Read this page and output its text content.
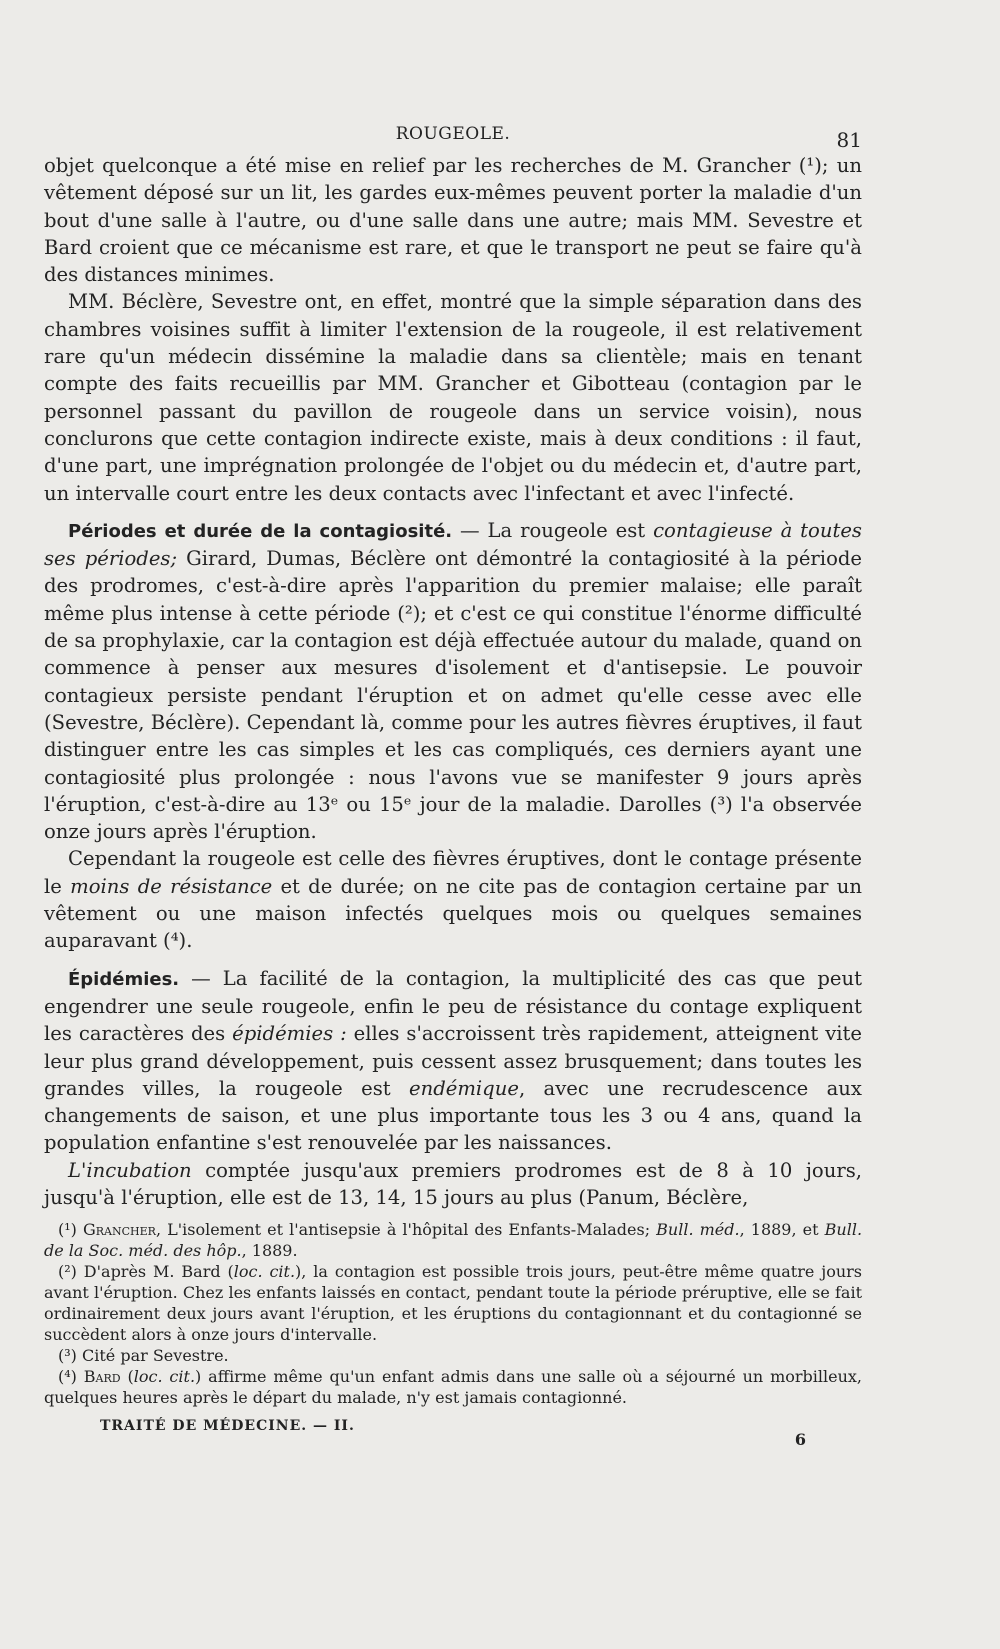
ROUGEOLE.	81

objet quelconque a été mise en relief par les recherches de M. Grancher (¹); un vêtement déposé sur un lit, les gardes eux-mêmes peuvent porter la maladie d'un bout d'une salle à l'autre, ou d'une salle dans une autre; mais MM. Sevestre et Bard croient que ce mécanisme est rare, et que le transport ne peut se faire qu'à des distances minimes.

MM. Béclère, Sevestre ont, en effet, montré que la simple séparation dans des chambres voisines suffit à limiter l'extension de la rougeole, il est relativement rare qu'un médecin dissémine la maladie dans sa clientèle; mais en tenant compte des faits recueillis par MM. Grancher et Gibotteau (contagion par le personnel passant du pavillon de rougeole dans un service voisin), nous conclurons que cette contagion indirecte existe, mais à deux conditions : il faut, d'une part, une imprégnation prolongée de l'objet ou du médecin et, d'autre part, un intervalle court entre les deux contacts avec l'infectant et avec l'infecté.

Périodes et durée de la contagiosité. — La rougeole est contagieuse à toutes ses périodes; Girard, Dumas, Béclère ont démontré la contagiosité à la période des prodromes, c'est-à-dire après l'apparition du premier malaise; elle paraît même plus intense à cette période (²); et c'est ce qui constitue l'énorme difficulté de sa prophylaxie, car la contagion est déjà effectuée autour du malade, quand on commence à penser aux mesures d'isolement et d'antisepsie. Le pouvoir contagieux persiste pendant l'éruption et on admet qu'elle cesse avec elle (Sevestre, Béclère). Cependant là, comme pour les autres fièvres éruptives, il faut distinguer entre les cas simples et les cas compliqués, ces derniers ayant une contagiosité plus prolongée : nous l'avons vue se manifester 9 jours après l'éruption, c'est-à-dire au 13ᵉ ou 15ᵉ jour de la maladie. Darolles (³) l'a observée onze jours après l'éruption.

Cependant la rougeole est celle des fièvres éruptives, dont le contage présente le moins de résistance et de durée; on ne cite pas de contagion certaine par un vêtement ou une maison infectés quelques mois ou quelques semaines auparavant (⁴).

Épidémies. — La facilité de la contagion, la multiplicité des cas que peut engendrer une seule rougeole, enfin le peu de résistance du contage expliquent les caractères des épidémies : elles s'accroissent très rapidement, atteignent vite leur plus grand développement, puis cessent assez brusquement; dans toutes les grandes villes, la rougeole est endémique, avec une recrudescence aux changements de saison, et une plus importante tous les 3 ou 4 ans, quand la population enfantine s'est renouvelée par les naissances.

L'incubation comptée jusqu'aux premiers prodromes est de 8 à 10 jours, jusqu'à l'éruption, elle est de 13, 14, 15 jours au plus (Panum, Béclère,

(¹) Grancher, L'isolement et l'antisepsie à l'hôpital des Enfants-Malades; Bull. méd., 1889, et Bull. de la Soc. méd. des hôp., 1889.

(²) D'après M. Bard (loc. cit.), la contagion est possible trois jours, peut-être même quatre jours avant l'éruption. Chez les enfants laissés en contact, pendant toute la période préruptive, elle se fait ordinairement deux jours avant l'éruption, et les éruptions du contagionnant et du contagionné se succèdent alors à onze jours d'intervalle.

(³) Cité par Sevestre.

(⁴) Bard (loc. cit.) affirme même qu'un enfant admis dans une salle où a séjourné un morbilleux, quelques heures après le départ du malade, n'y est jamais contagionné.

TRAITÉ DE MÉDECINE. — II.
6
